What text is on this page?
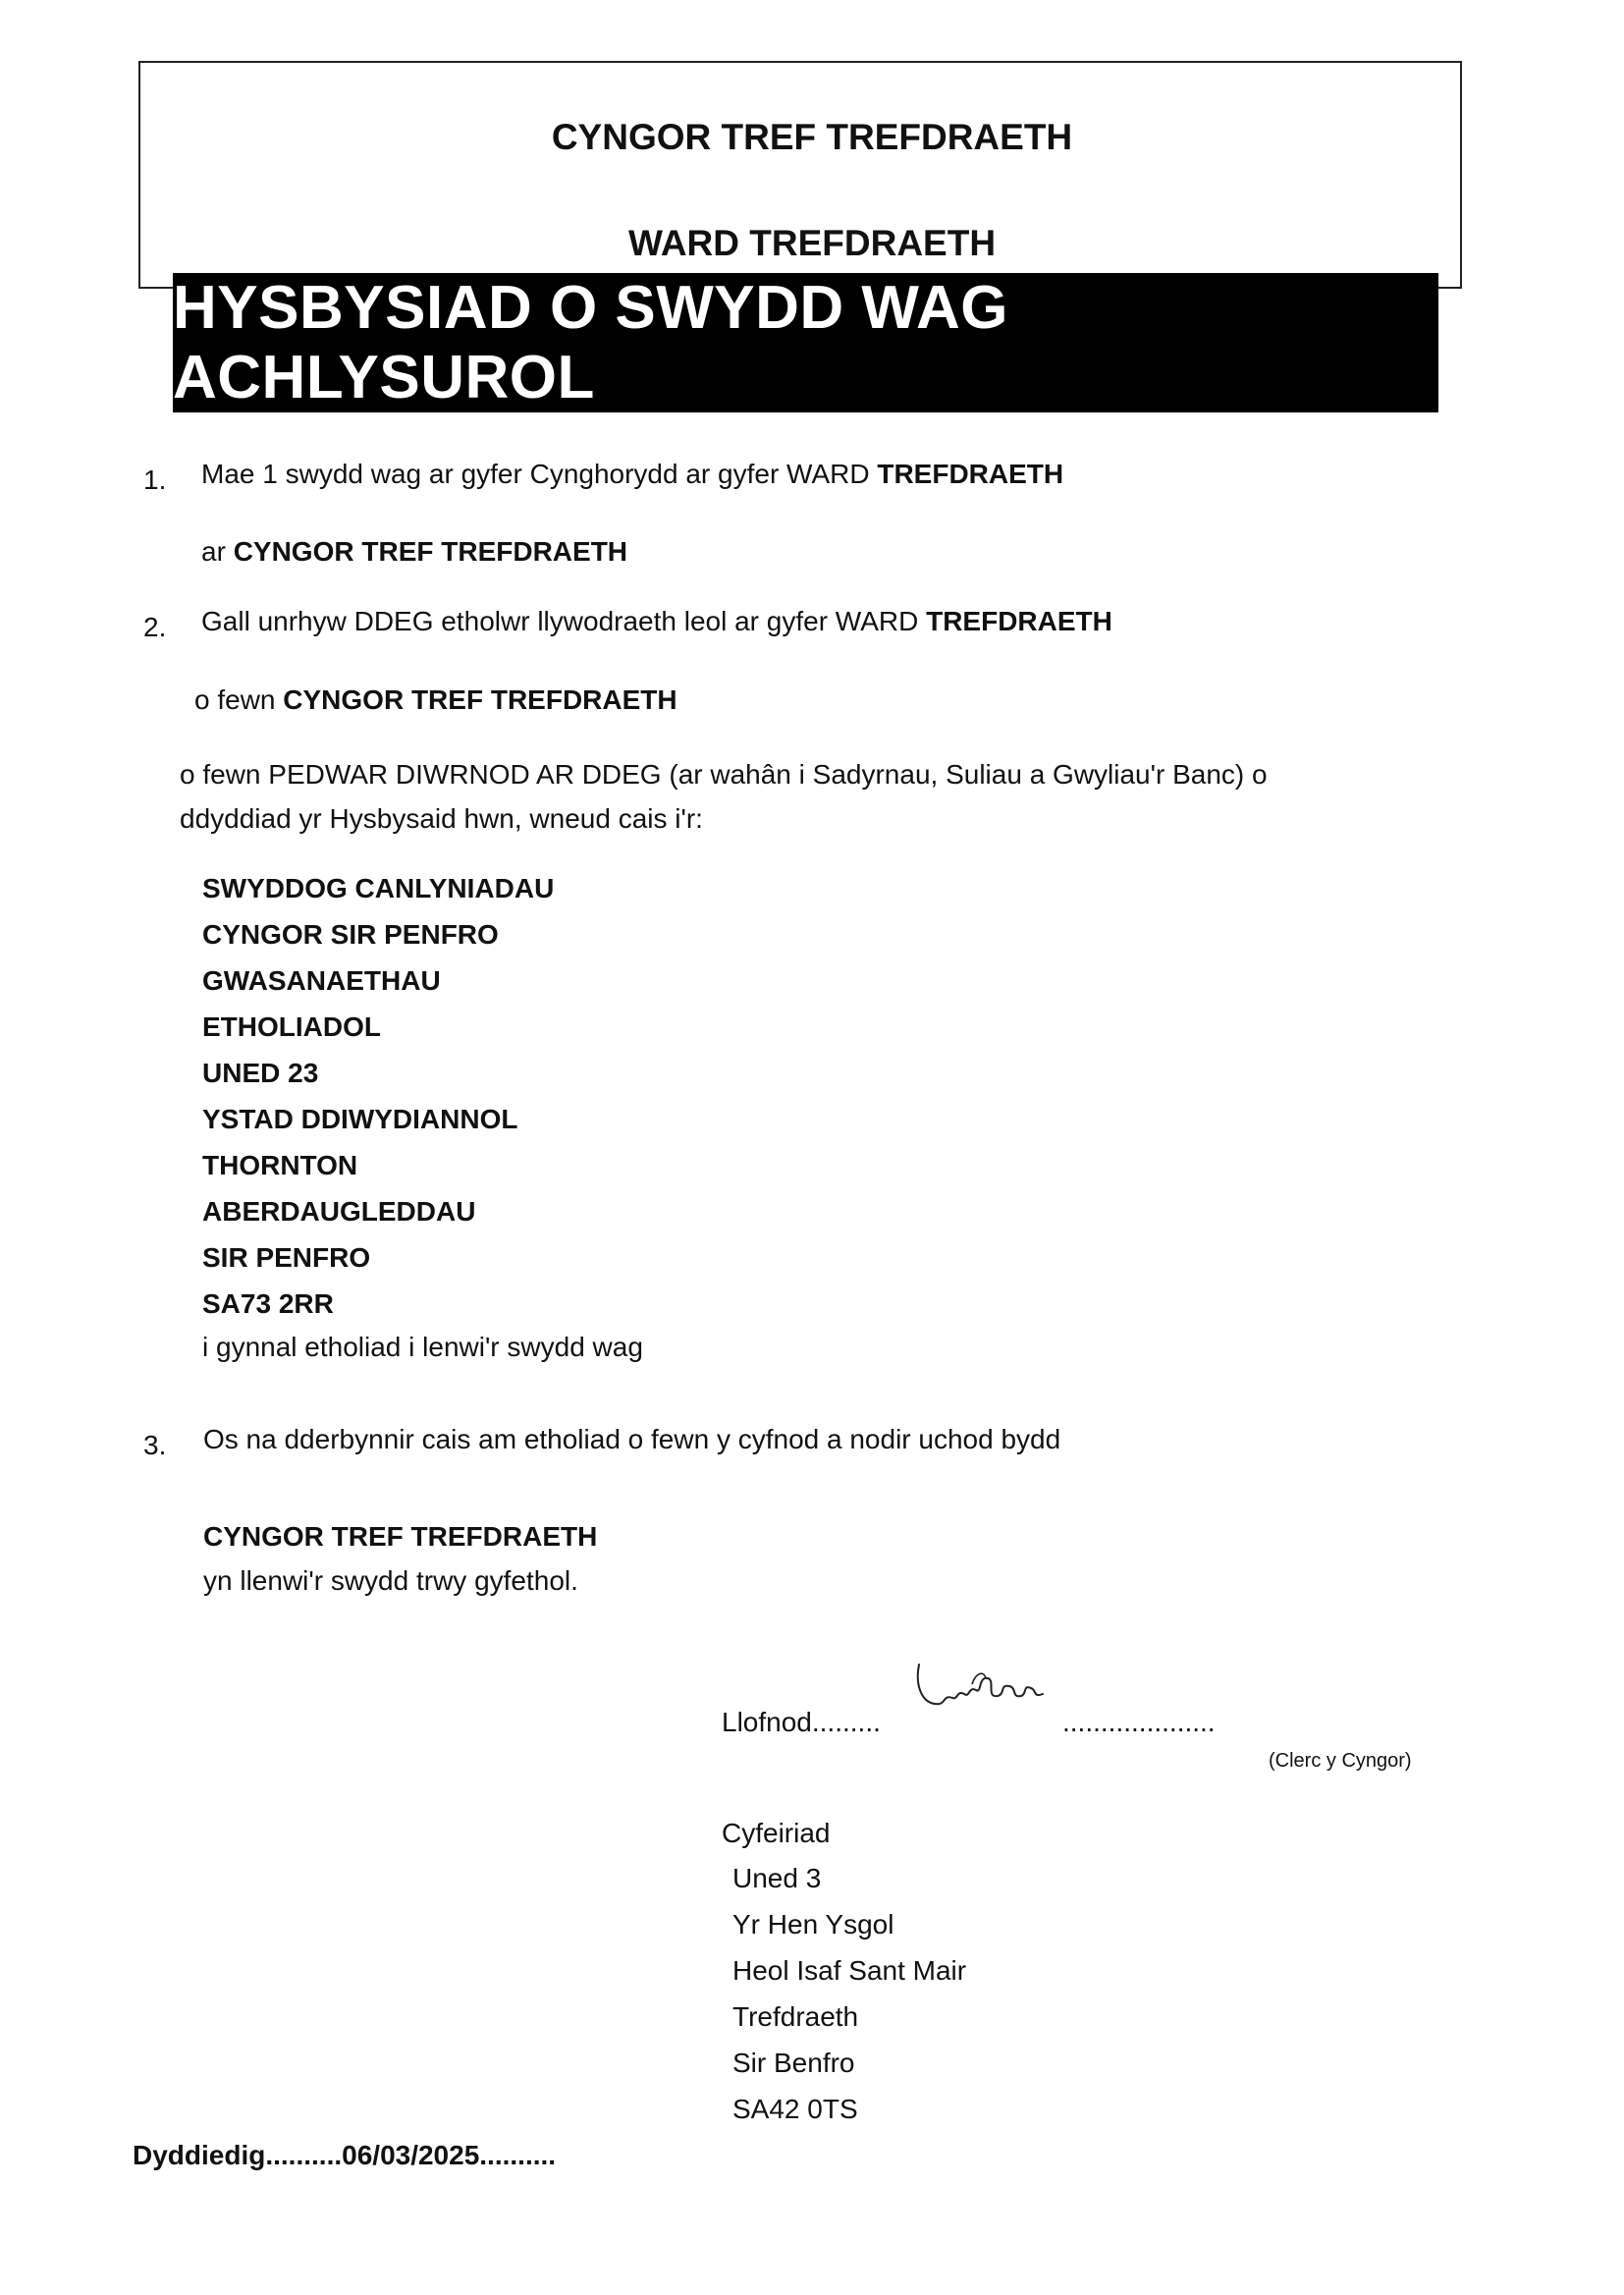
CYNGOR TREF TREFDRAETH
WARD TREFDRAETH
HYSBYSIAD O SWYDD WAG ACHLYSUROL
1. Mae 1 swydd wag ar gyfer Cynghorydd ar gyfer WARD TREFDRAETH
ar CYNGOR TREF TREFDRAETH
2. Gall unrhyw DDEG etholwr llywodraeth leol ar gyfer WARD TREFDRAETH
o fewn CYNGOR TREF TREFDRAETH
o fewn PEDWAR DIWRNOD AR DDEG (ar wahân i Sadyrnau, Suliau a Gwyliau'r Banc) o
ddyddiad yr Hysbysaid hwn, wneud cais i'r:
SWYDDOG CANLYNIADAU
CYNGOR SIR PENFRO
GWASANAETHAU
ETHOLIADOL
UNED 23
YSTAD DDIWYDIANNOL
THORNTON
ABERDAUGLEDDAU
SIR PENFRO
SA73 2RR
i gynnal etholiad i lenwi'r swydd wag
3. Os na dderbynnir cais am etholiad o fewn y cyfnod a nodir uchod bydd
CYNGOR TREF TREFDRAETH
yn llenwi'r swydd trwy gyfethol.
Llofnod.........	....................
(Clerc y Cyngor)
Cyfeiriad
Uned 3
Yr Hen Ysgol
Heol Isaf Sant Mair
Trefdraeth
Sir Benfro
SA42 0TS
Dyddiedig..........06/03/2025..........
